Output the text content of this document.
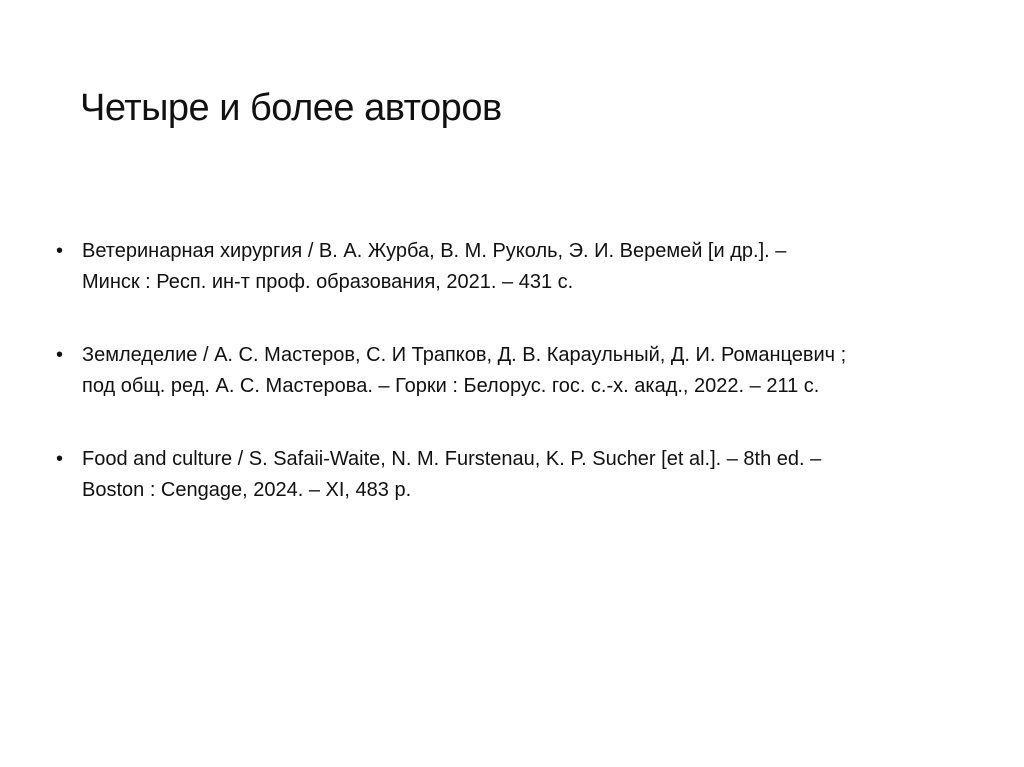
Четыре и более авторов
• Ветеринарная хирургия / В. А. Журба, В. М. Руколь, Э. И. Веремей [и др.]. –
Минск : Респ. ин-т проф. образования, 2021. – 431 с.
• Земледелие / А. С. Мастеров, С. И Трапков, Д. В. Караульный, Д. И. Романцевич ;
под общ. ред. А. С. Мастерова. – Горки : Белорус. гос. с.-х. акад., 2022. – 211 с.
• Food and culture / S. Safaii-Waite, N. M. Furstenau, K. P. Sucher [et al.]. – 8th ed. –
Boston : Cengage, 2024. – XI, 483 p.
